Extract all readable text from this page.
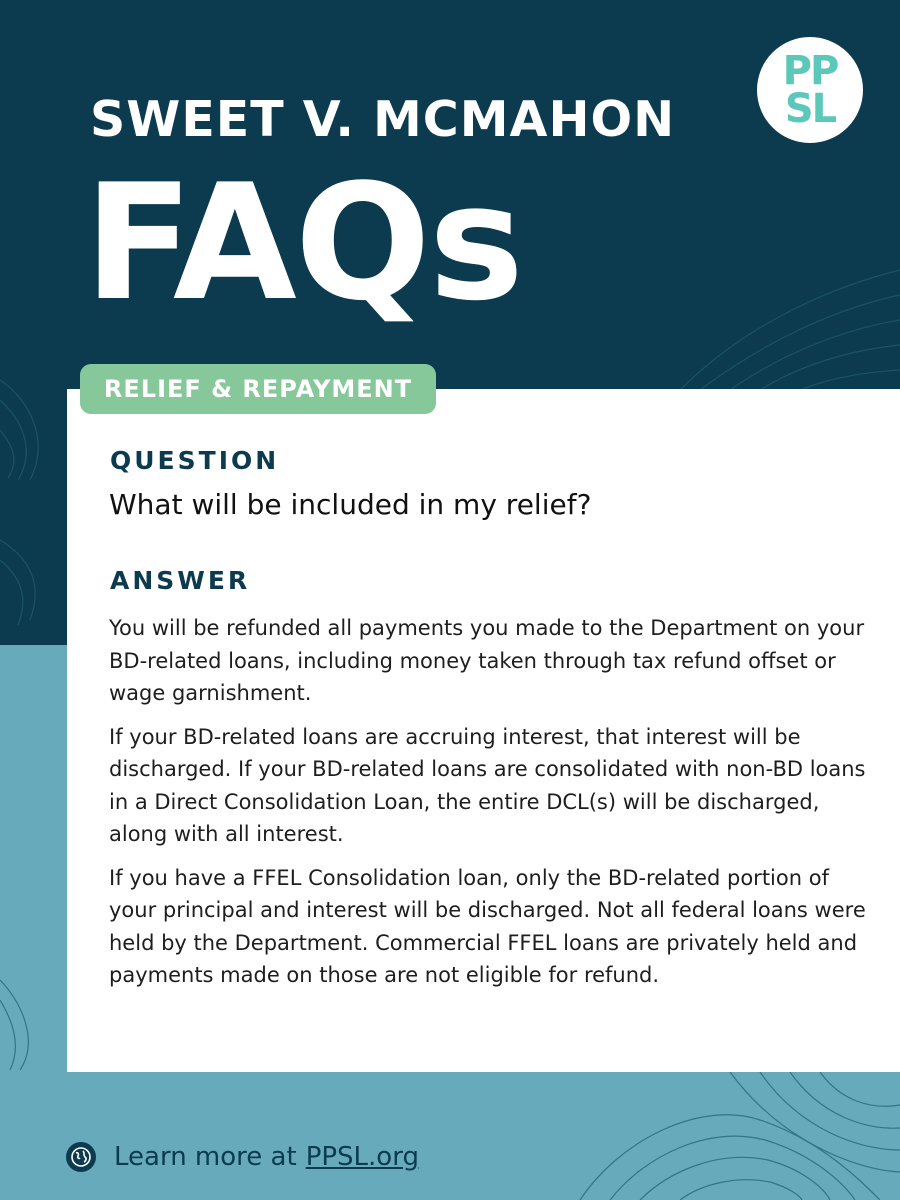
PP
SL
SWEET V. MCMAHON
FAQs
RELIEF & REPAYMENT
QUESTION
What will be included in my relief?
ANSWER

You will be refunded all payments you made to the Department on your BD-related loans, including money taken through tax refund offset or wage garnishment.

If your BD-related loans are accruing interest, that interest will be discharged. If your BD-related loans are consolidated with non-BD loans in a Direct Consolidation Loan, the entire DCL(s) will be discharged, along with all interest.

If you have a FFEL Consolidation loan, only the BD-related portion of your principal and interest will be discharged. Not all federal loans were held by the Department. Commercial FFEL loans are privately held and payments made on those are not eligible for refund.

Learn more at PPSL.org
